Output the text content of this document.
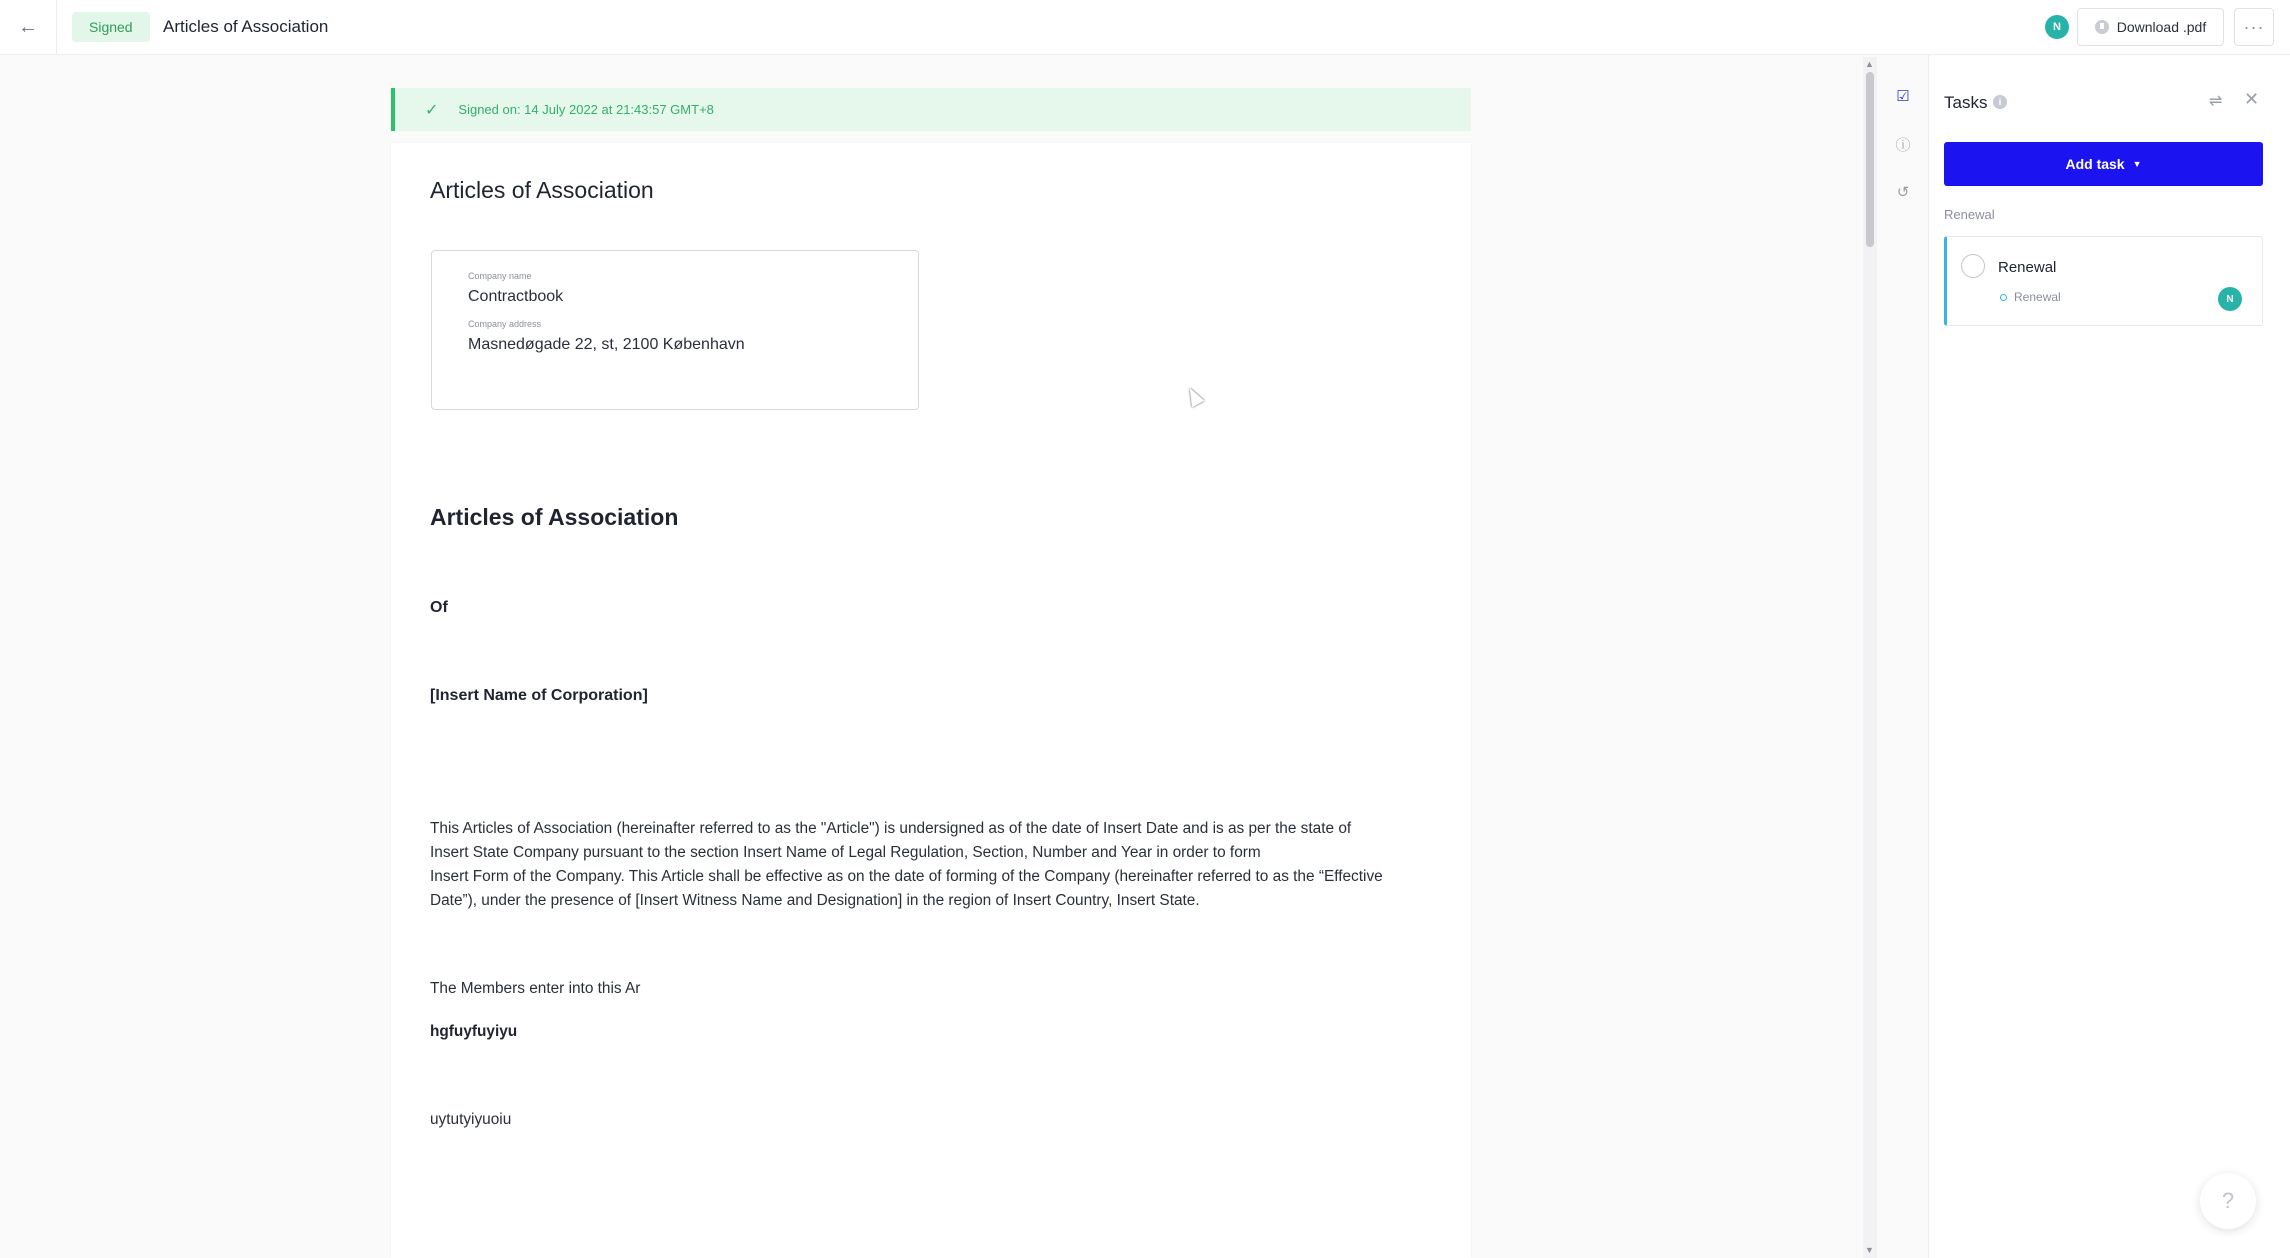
←	Signed	Articles of Association	N	Download .pdf ···
✓ Signed on: 14 July 2022 at 21:43:57 GMT+8
Articles of Association
Company name
Contractbook
Company address
Masnedøgade 22, st, 2100 København
Articles of Association
Of
[Insert Name of Corporation]
This Articles of Association (hereinafter referred to as the "Article") is undersigned as of the date of Insert Date and is as per the state of
Insert State Company pursuant to the section Insert Name of Legal Regulation, Section, Number and Year in order to form
Insert Form of the Company. This Article shall be effective as on the date of forming of the Company (hereinafter referred to as the “Effective
Date”), under the presence of [Insert Witness Name and Designation] in the region of Insert Country, Insert State.
The Members enter into this Ar
hgfuyfuyiyu
uytutyiyuoiu
▲
▼
☑
ⓘ
↺
Tasks	i	⇌ ✕
Add task ▼
Renewal
Renewal
Renewal	N
?
